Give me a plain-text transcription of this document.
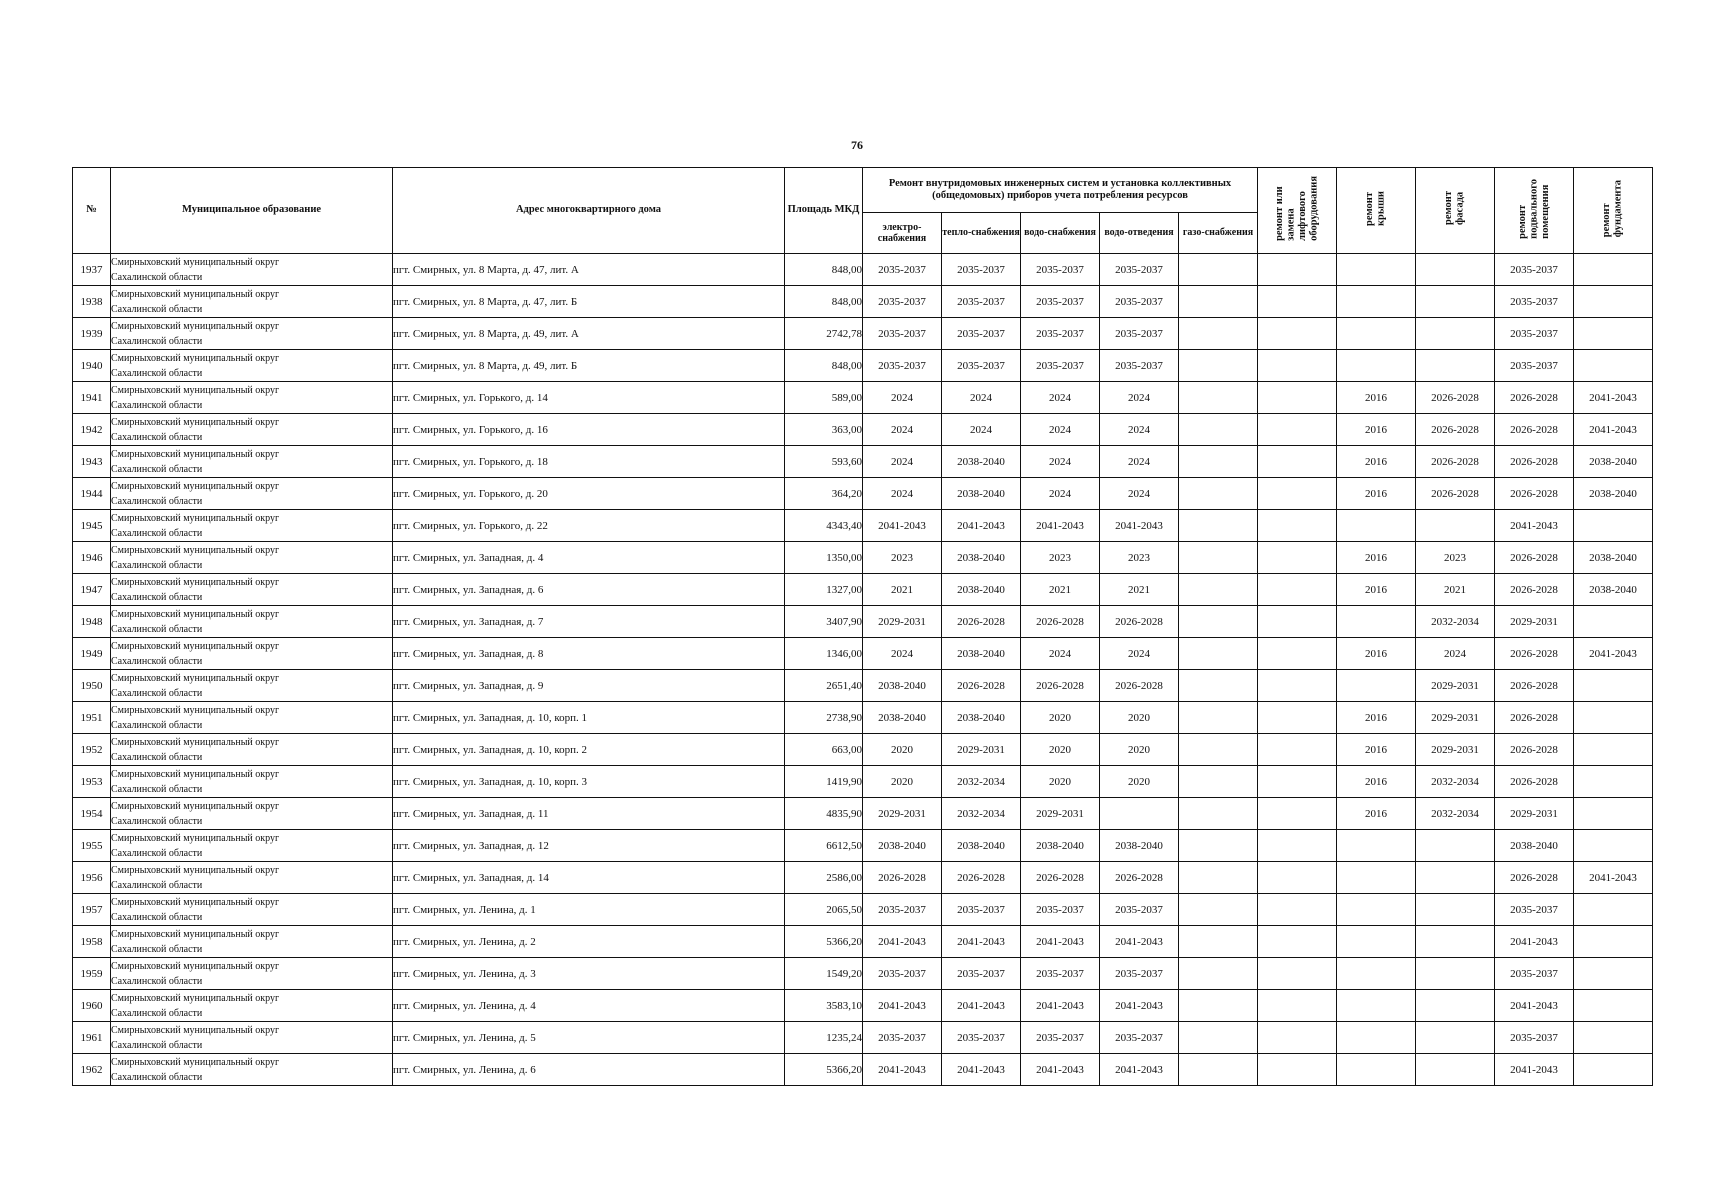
76
№	Муниципальное образование	Адрес многоквартирного дома	Площадь МКД	Ремонт внутридомовых инженерных систем и установка коллективных (общедомовых) приборов учета потребления ресурсов					ремонт или замена лифтового оборудования	ремонт крыши	ремонт фасада	ремонт подвального помещения	ремонт фундамента

				электро-снабжения	тепло-снабжения	водо-снабжения	водо-отведения	газо-снабжения					
1937	Смирныховский муниципальный округ
Сахалинской области	пгт. Смирных, ул. 8 Марта, д. 47, лит. А	848,00	2035-2037	2035-2037	2035-2037	2035-2037					2035-2037	
1938	Смирныховский муниципальный округ
Сахалинской области	пгт. Смирных, ул. 8 Марта, д. 47, лит. Б	848,00	2035-2037	2035-2037	2035-2037	2035-2037					2035-2037	
1939	Смирныховский муниципальный округ
Сахалинской области	пгт. Смирных, ул. 8 Марта, д. 49, лит. А	2742,78	2035-2037	2035-2037	2035-2037	2035-2037					2035-2037	
1940	Смирныховский муниципальный округ
Сахалинской области	пгт. Смирных, ул. 8 Марта, д. 49, лит. Б	848,00	2035-2037	2035-2037	2035-2037	2035-2037					2035-2037	
1941	Смирныховский муниципальный округ
Сахалинской области	пгт. Смирных, ул. Горького, д. 14	589,00	2024	2024	2024	2024			2016	2026-2028	2026-2028	2041-2043
1942	Смирныховский муниципальный округ
Сахалинской области	пгт. Смирных, ул. Горького, д. 16	363,00	2024	2024	2024	2024			2016	2026-2028	2026-2028	2041-2043
1943	Смирныховский муниципальный округ
Сахалинской области	пгт. Смирных, ул. Горького, д. 18	593,60	2024	2038-2040	2024	2024			2016	2026-2028	2026-2028	2038-2040
1944	Смирныховский муниципальный округ
Сахалинской области	пгт. Смирных, ул. Горького, д. 20	364,20	2024	2038-2040	2024	2024			2016	2026-2028	2026-2028	2038-2040
1945	Смирныховский муниципальный округ
Сахалинской области	пгт. Смирных, ул. Горького, д. 22	4343,40	2041-2043	2041-2043	2041-2043	2041-2043					2041-2043	
1946	Смирныховский муниципальный округ
Сахалинской области	пгт. Смирных, ул. Западная, д. 4	1350,00	2023	2038-2040	2023	2023			2016	2023	2026-2028	2038-2040
1947	Смирныховский муниципальный округ
Сахалинской области	пгт. Смирных, ул. Западная, д. 6	1327,00	2021	2038-2040	2021	2021			2016	2021	2026-2028	2038-2040
1948	Смирныховский муниципальный округ
Сахалинской области	пгт. Смирных, ул. Западная, д. 7	3407,90	2029-2031	2026-2028	2026-2028	2026-2028				2032-2034	2029-2031	
1949	Смирныховский муниципальный округ
Сахалинской области	пгт. Смирных, ул. Западная, д. 8	1346,00	2024	2038-2040	2024	2024			2016	2024	2026-2028	2041-2043
1950	Смирныховский муниципальный округ
Сахалинской области	пгт. Смирных, ул. Западная, д. 9	2651,40	2038-2040	2026-2028	2026-2028	2026-2028				2029-2031	2026-2028	
1951	Смирныховский муниципальный округ
Сахалинской области	пгт. Смирных, ул. Западная, д. 10, корп. 1	2738,90	2038-2040	2038-2040	2020	2020			2016	2029-2031	2026-2028	
1952	Смирныховский муниципальный округ
Сахалинской области	пгт. Смирных, ул. Западная, д. 10, корп. 2	663,00	2020	2029-2031	2020	2020			2016	2029-2031	2026-2028	
1953	Смирныховский муниципальный округ
Сахалинской области	пгт. Смирных, ул. Западная, д. 10, корп. 3	1419,90	2020	2032-2034	2020	2020			2016	2032-2034	2026-2028	
1954	Смирныховский муниципальный округ
Сахалинской области	пгт. Смирных, ул. Западная, д. 11	4835,90	2029-2031	2032-2034	2029-2031				2016	2032-2034	2029-2031	
1955	Смирныховский муниципальный округ
Сахалинской области	пгт. Смирных, ул. Западная, д. 12	6612,50	2038-2040	2038-2040	2038-2040	2038-2040					2038-2040	
1956	Смирныховский муниципальный округ
Сахалинской области	пгт. Смирных, ул. Западная, д. 14	2586,00	2026-2028	2026-2028	2026-2028	2026-2028					2026-2028	2041-2043
1957	Смирныховский муниципальный округ
Сахалинской области	пгт. Смирных, ул. Ленина, д. 1	2065,50	2035-2037	2035-2037	2035-2037	2035-2037					2035-2037	
1958	Смирныховский муниципальный округ
Сахалинской области	пгт. Смирных, ул. Ленина, д. 2	5366,20	2041-2043	2041-2043	2041-2043	2041-2043					2041-2043	
1959	Смирныховский муниципальный округ
Сахалинской области	пгт. Смирных, ул. Ленина, д. 3	1549,20	2035-2037	2035-2037	2035-2037	2035-2037					2035-2037	
1960	Смирныховский муниципальный округ
Сахалинской области	пгт. Смирных, ул. Ленина, д. 4	3583,10	2041-2043	2041-2043	2041-2043	2041-2043					2041-2043	
1961	Смирныховский муниципальный округ
Сахалинской области	пгт. Смирных, ул. Ленина, д. 5	1235,24	2035-2037	2035-2037	2035-2037	2035-2037					2035-2037	
1962	Смирныховский муниципальный округ
Сахалинской области	пгт. Смирных, ул. Ленина, д. 6	5366,20	2041-2043	2041-2043	2041-2043	2041-2043					2041-2043	
